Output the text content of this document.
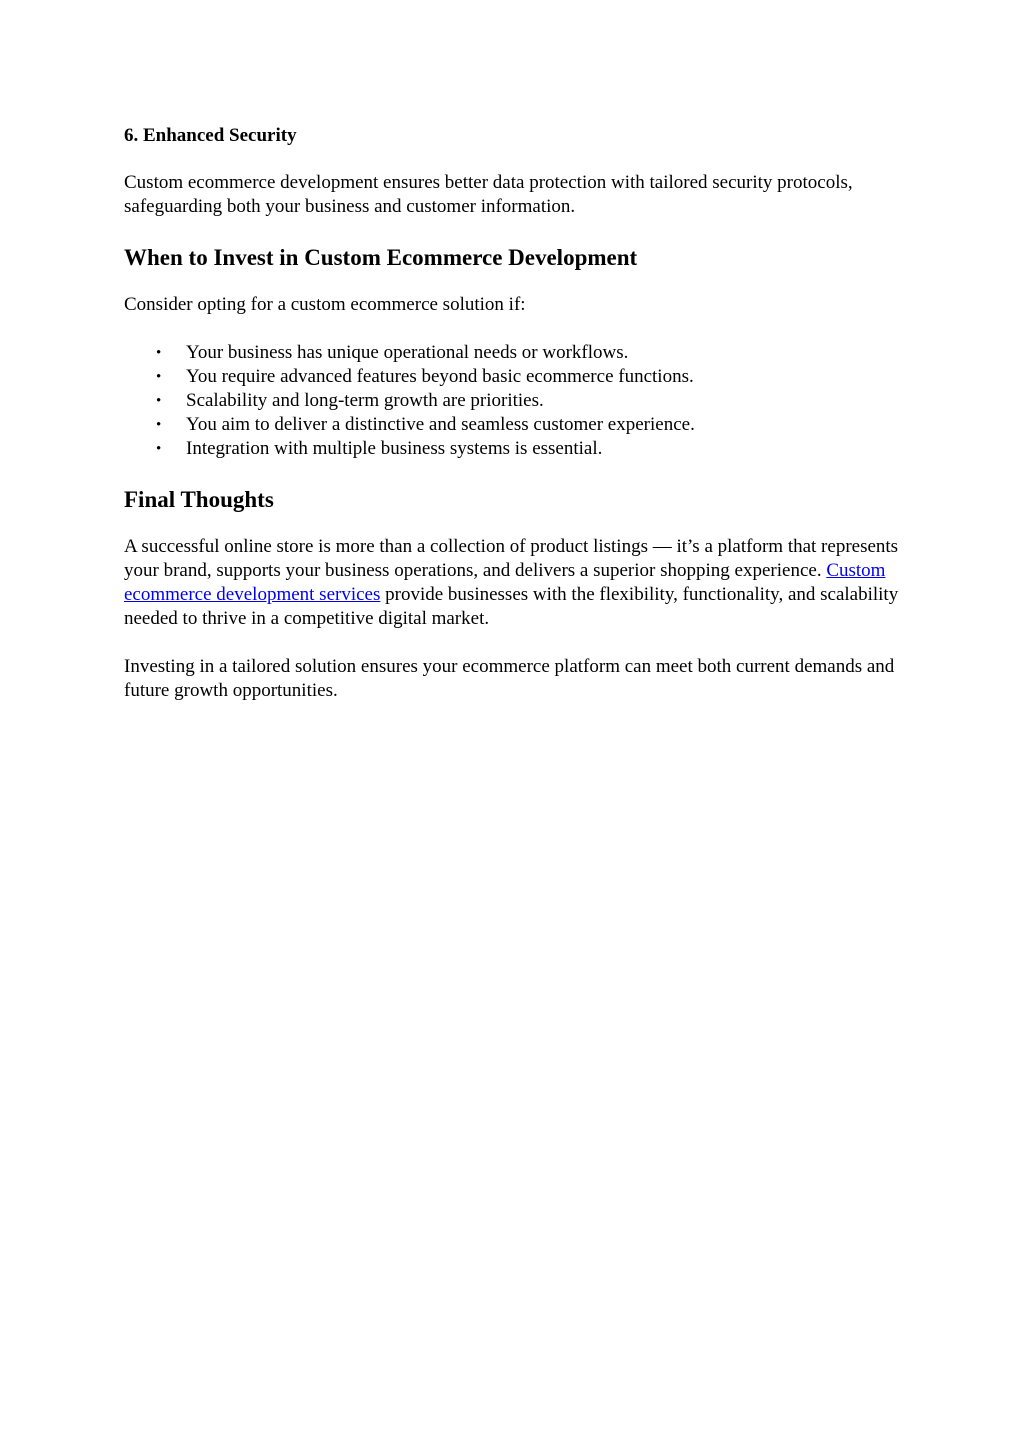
6. Enhanced Security

Custom ecommerce development ensures better data protection with tailored security protocols, safeguarding both your business and customer information.

When to Invest in Custom Ecommerce Development

Consider opting for a custom ecommerce solution if:

• Your business has unique operational needs or workflows.
• You require advanced features beyond basic ecommerce functions.
• Scalability and long-term growth are priorities.
• You aim to deliver a distinctive and seamless customer experience.
• Integration with multiple business systems is essential.
Final Thoughts

A successful online store is more than a collection of product listings — it’s a platform that represents your brand, supports your business operations, and delivers a superior shopping experience. Custom ecommerce development services provide businesses with the flexibility, functionality, and scalability needed to thrive in a competitive digital market.

Investing in a tailored solution ensures your ecommerce platform can meet both current demands and future growth opportunities.
